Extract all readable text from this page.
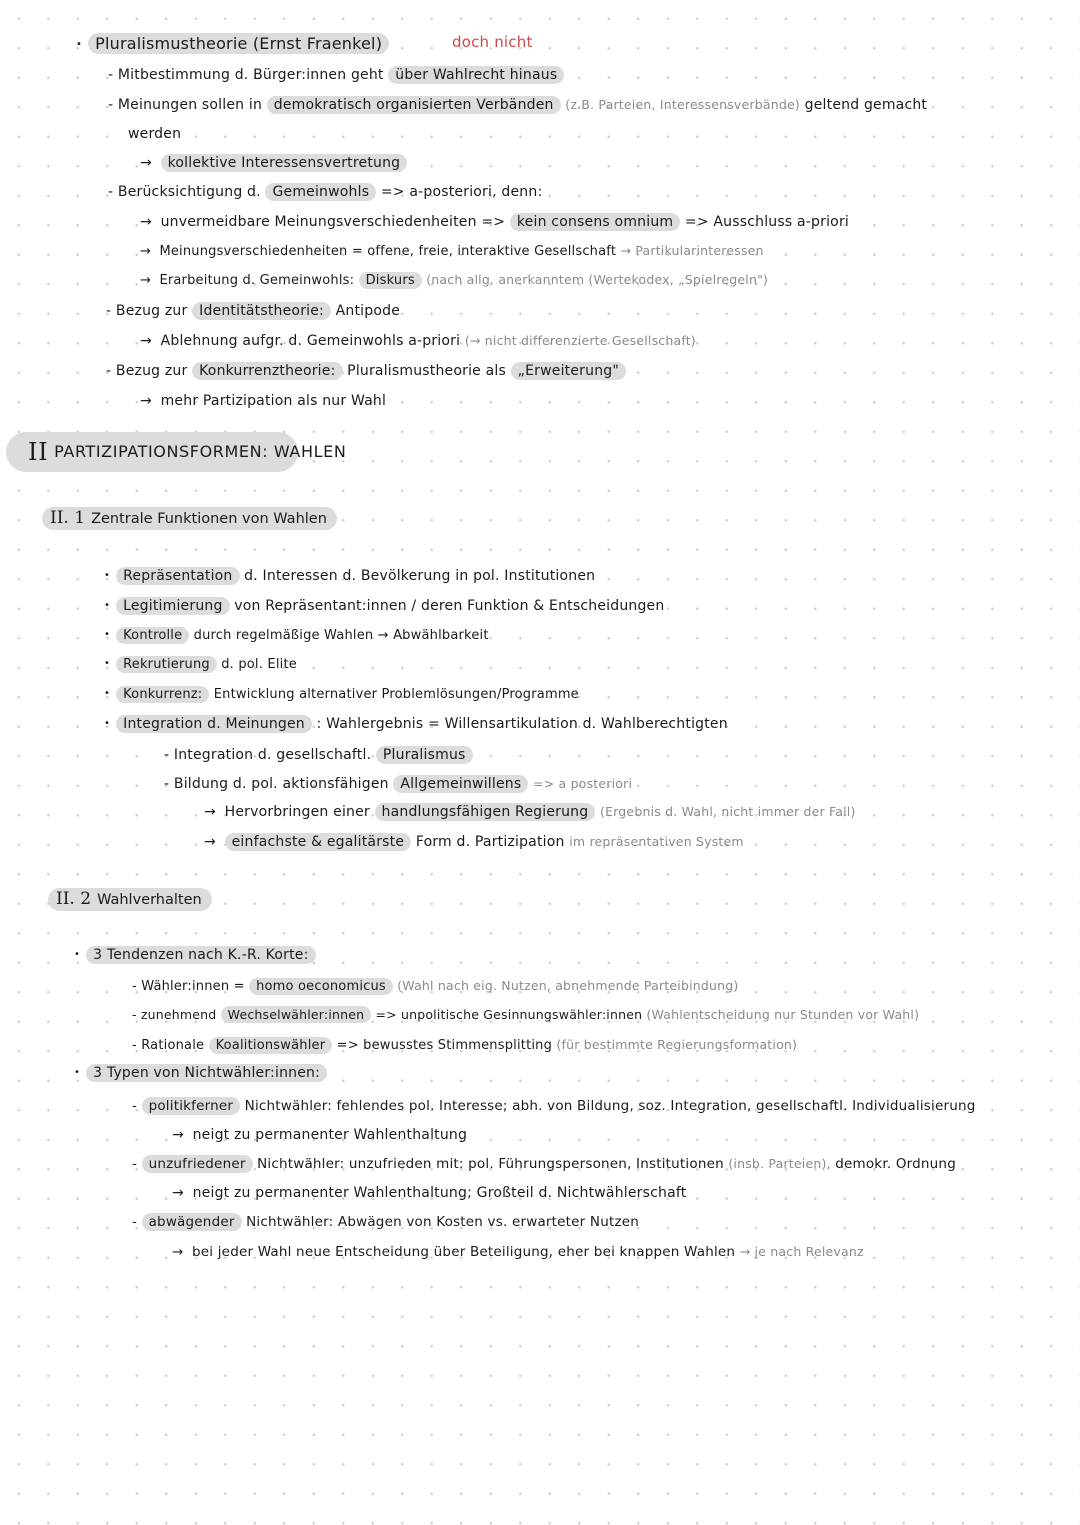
• Pluralismustheorie (Ernst Fraenkel)	doch nicht
- Mitbestimmung d. Bürger:innen geht über Wahlrecht hinaus
- Meinungen sollen in demokratisch organisierten Verbänden (z.B. Parteien, Interessensverbände) geltend gemacht
werden
→ kollektive Interessensvertretung
- Berücksichtigung d. Gemeinwohls => a-posteriori, denn:
→ unvermeidbare Meinungsverschiedenheiten => kein consens omnium => Ausschluss a-priori
→ Meinungsverschiedenheiten = offene, freie, interaktive Gesellschaft → Partikularinteressen
→ Erarbeitung d. Gemeinwohls: Diskurs (nach allg. anerkanntem (Wertekodex, „Spielregeln")
- Bezug zur Identitätstheorie: Antipode
→ Ablehnung aufgr. d. Gemeinwohls a-priori (→ nicht differenzierte Gesellschaft)
- Bezug zur Konkurrenztheorie: Pluralismustheorie als „Erweiterung"
→ mehr Partizipation als nur Wahl
II PARTIZIPATIONSFORMEN: WAHLEN
II. 1 Zentrale Funktionen von Wahlen
• Repräsentation d. Interessen d. Bevölkerung in pol. Institutionen
• Legitimierung von Repräsentant:innen / deren Funktion & Entscheidungen
• Kontrolle durch regelmäßige Wahlen → Abwählbarkeit
• Rekrutierung d. pol. Elite
• Konkurrenz: Entwicklung alternativer Problemlösungen/Programme
• Integration d. Meinungen : Wahlergebnis = Willensartikulation d. Wahlberechtigten
- Integration d. gesellschaftl. Pluralismus
- Bildung d. pol. aktionsfähigen Allgemeinwillens => a posteriori
→ Hervorbringen einer handlungsfähigen Regierung (Ergebnis d. Wahl, nicht immer der Fall)
→ einfachste & egalitärste Form d. Partizipation im repräsentativen System
II. 2 Wahlverhalten
• 3 Tendenzen nach K.-R. Korte:
- Wähler:innen = homo oeconomicus (Wahl nach eig. Nutzen, abnehmende Parteibindung)
- zunehmend Wechselwähler:innen => unpolitische Gesinnungswähler:innen (Wahlentscheidung nur Stunden vor Wahl)
- Rationale Koalitionswähler => bewusstes Stimmensplitting (für bestimmte Regierungsformation)
• 3 Typen von Nichtwähler:innen:
- politikferner Nichtwähler: fehlendes pol. Interesse; abh. von Bildung, soz. Integration, gesellschaftl. Individualisierung
→ neigt zu permanenter Wahlenthaltung
- unzufriedener Nichtwähler: unzufrieden mit: pol. Führungspersonen, Institutionen (insb. Parteien), demokr. Ordnung
→ neigt zu permanenter Wahlenthaltung; Großteil d. Nichtwählerschaft
- abwägender Nichtwähler: Abwägen von Kosten vs. erwarteter Nutzen
→ bei jeder Wahl neue Entscheidung über Beteiligung, eher bei knappen Wahlen → je nach Relevanz
